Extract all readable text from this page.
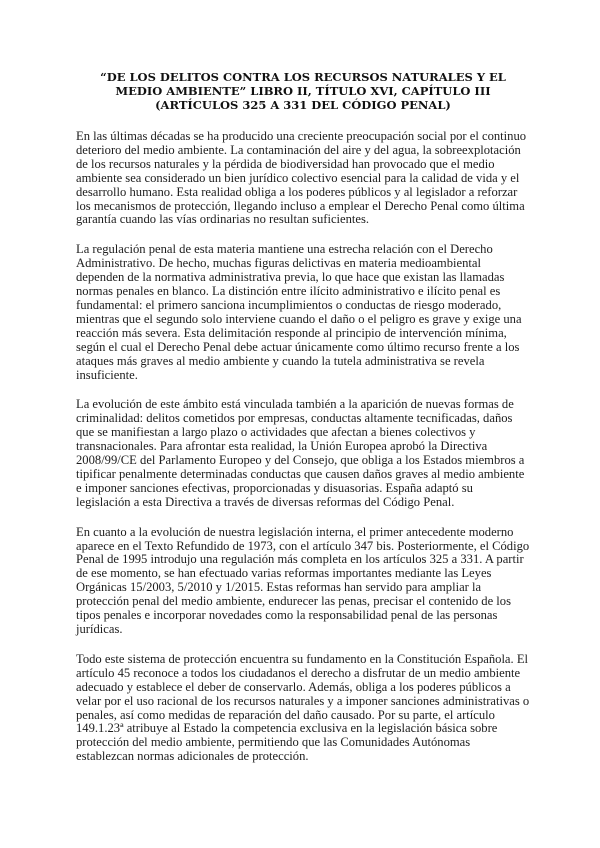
“DE LOS DELITOS CONTRA LOS RECURSOS NATURALES Y EL MEDIO AMBIENTE” LIBRO II, TÍTULO XVI, CAPÍTULO III (ARTÍCULOS 325 A 331 DEL CÓDIGO PENAL)

En las últimas décadas se ha producido una creciente preocupación social por el continuo deterioro del medio ambiente. La contaminación del aire y del agua, la sobreexplotación de los recursos naturales y la pérdida de biodiversidad han provocado que el medio ambiente sea considerado un bien jurídico colectivo esencial para la calidad de vida y el desarrollo humano. Esta realidad obliga a los poderes públicos y al legislador a reforzar los mecanismos de protección, llegando incluso a emplear el Derecho Penal como última garantía cuando las vías ordinarias no resultan suficientes.

La regulación penal de esta materia mantiene una estrecha relación con el Derecho Administrativo. De hecho, muchas figuras delictivas en materia medioambiental dependen de la normativa administrativa previa, lo que hace que existan las llamadas normas penales en blanco. La distinción entre ilícito administrativo e ilícito penal es fundamental: el primero sanciona incumplimientos o conductas de riesgo moderado, mientras que el segundo solo interviene cuando el daño o el peligro es grave y exige una reacción más severa. Esta delimitación responde al principio de intervención mínima, según el cual el Derecho Penal debe actuar únicamente como último recurso frente a los ataques más graves al medio ambiente y cuando la tutela administrativa se revela insuficiente.

La evolución de este ámbito está vinculada también a la aparición de nuevas formas de criminalidad: delitos cometidos por empresas, conductas altamente tecnificadas, daños que se manifiestan a largo plazo o actividades que afectan a bienes colectivos y transnacionales. Para afrontar esta realidad, la Unión Europea aprobó la Directiva 2008/99/CE del Parlamento Europeo y del Consejo, que obliga a los Estados miembros a tipificar penalmente determinadas conductas que causen daños graves al medio ambiente e imponer sanciones efectivas, proporcionadas y disuasorias. España adaptó su legislación a esta Directiva a través de diversas reformas del Código Penal.

En cuanto a la evolución de nuestra legislación interna, el primer antecedente moderno aparece en el Texto Refundido de 1973, con el artículo 347 bis. Posteriormente, el Código Penal de 1995 introdujo una regulación más completa en los artículos 325 a 331. A partir de ese momento, se han efectuado varias reformas importantes mediante las Leyes Orgánicas 15/2003, 5/2010 y 1/2015. Estas reformas han servido para ampliar la protección penal del medio ambiente, endurecer las penas, precisar el contenido de los tipos penales e incorporar novedades como la responsabilidad penal de las personas jurídicas.

Todo este sistema de protección encuentra su fundamento en la Constitución Española. El artículo 45 reconoce a todos los ciudadanos el derecho a disfrutar de un medio ambiente adecuado y establece el deber de conservarlo. Además, obliga a los poderes públicos a velar por el uso racional de los recursos naturales y a imponer sanciones administrativas o penales, así como medidas de reparación del daño causado. Por su parte, el artículo 149.1.23ª atribuye al Estado la competencia exclusiva en la legislación básica sobre protección del medio ambiente, permitiendo que las Comunidades Autónomas establezcan normas adicionales de protección.
